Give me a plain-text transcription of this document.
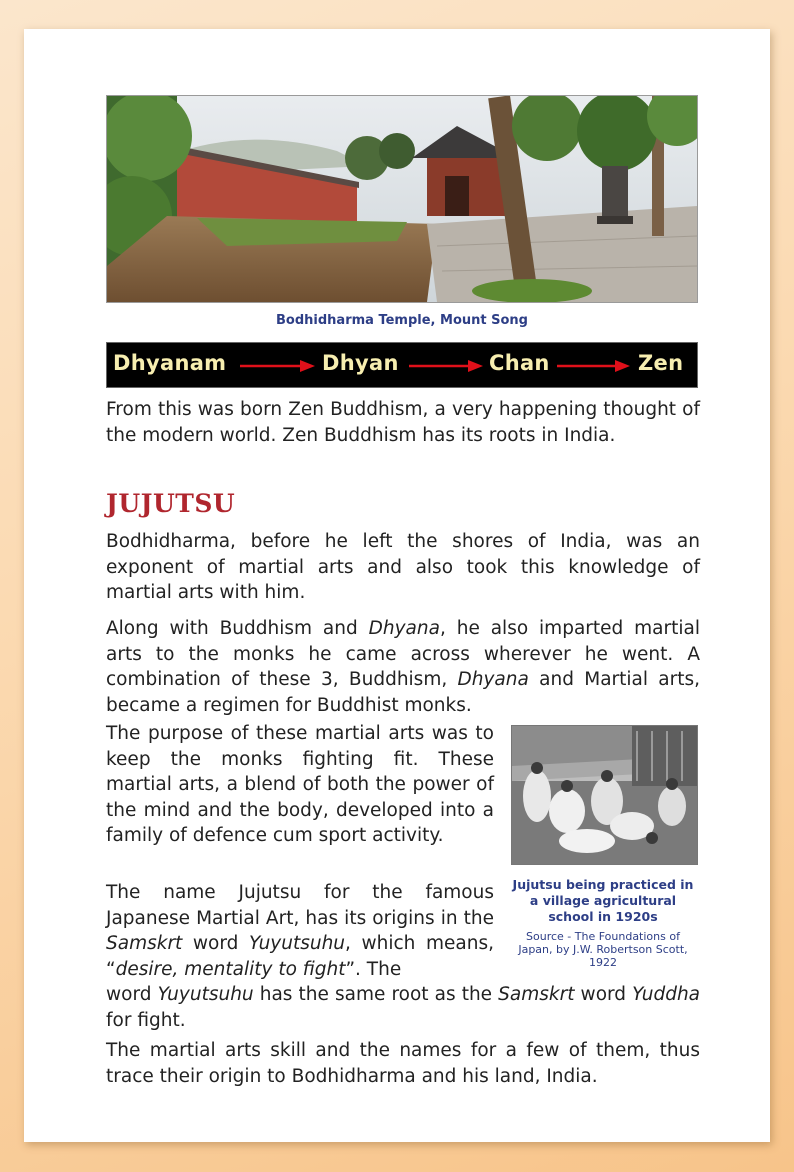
Bodhidharma Temple, Mount Song
Dhyanam	Dhyan	Chan	Zen

From this was born Zen Buddhism, a very happening thought of the modern world. Zen Buddhism has its roots in India.

JUJUTSU

Bodhidharma, before he left the shores of India, was an exponent of martial arts and also took this knowledge of martial arts with him.

Along with Buddhism and Dhyana, he also imparted martial arts to the monks he came across wherever he went. A combination of these 3, Buddhism, Dhyana and Martial arts, became a regimen for Buddhist monks.

The purpose of these martial arts was to keep the monks fighting fit. These martial arts, a blend of both the power of the mind and the body, developed into a family of defence cum sport activity.

The name Jujutsu for the famous Japanese Martial Art, has its origins in the Samskrt word Yuyutsuhu, which means, “desire, mentality to fight”. The

word Yuyutsuhu has the same root as the Samskrt word Yuddha for fight.

The martial arts skill and the names for a few of them, thus trace their origin to Bodhidharma and his land, India.

Jujutsu being practiced in a village agricultural school in 1920s
Source - The Foundations of Japan, by J.W. Robertson Scott, 1922
